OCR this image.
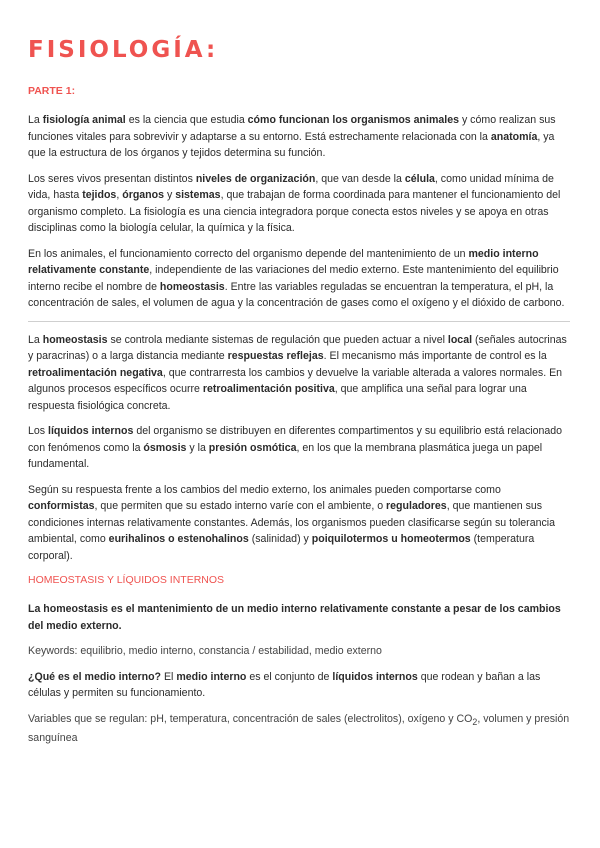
FISIOLOGÍA:
PARTE 1:

La fisiología animal es la ciencia que estudia cómo funcionan los organismos animales y cómo realizan sus funciones vitales para sobrevivir y adaptarse a su entorno. Está estrechamente relacionada con la anatomía, ya que la estructura de los órganos y tejidos determina su función.

Los seres vivos presentan distintos niveles de organización, que van desde la célula, como unidad mínima de vida, hasta tejidos, órganos y sistemas, que trabajan de forma coordinada para mantener el funcionamiento del organismo completo. La fisiología es una ciencia integradora porque conecta estos niveles y se apoya en otras disciplinas como la biología celular, la química y la física.

En los animales, el funcionamiento correcto del organismo depende del mantenimiento de un medio interno relativamente constante, independiente de las variaciones del medio externo. Este mantenimiento del equilibrio interno recibe el nombre de homeostasis. Entre las variables reguladas se encuentran la temperatura, el pH, la concentración de sales, el volumen de agua y la concentración de gases como el oxígeno y el dióxido de carbono.

La homeostasis se controla mediante sistemas de regulación que pueden actuar a nivel local (señales autocrinas y paracrinas) o a larga distancia mediante respuestas reflejas. El mecanismo más importante de control es la retroalimentación negativa, que contrarresta los cambios y devuelve la variable alterada a valores normales. En algunos procesos específicos ocurre retroalimentación positiva, que amplifica una señal para lograr una respuesta fisiológica concreta.

Los líquidos internos del organismo se distribuyen en diferentes compartimentos y su equilibrio está relacionado con fenómenos como la ósmosis y la presión osmótica, en los que la membrana plasmática juega un papel fundamental.

Según su respuesta frente a los cambios del medio externo, los animales pueden comportarse como conformistas, que permiten que su estado interno varíe con el ambiente, o reguladores, que mantienen sus condiciones internas relativamente constantes. Además, los organismos pueden clasificarse según su tolerancia ambiental, como eurihalinos o estenohalinos (salinidad) y poiquilotermos u homeotermos (temperatura corporal).

HOMEOSTASIS Y LÍQUIDOS INTERNOS

La homeostasis es el mantenimiento de un medio interno relativamente constante a pesar de los cambios del medio externo.

Keywords: equilibrio, medio interno, constancia / estabilidad, medio externo

¿Qué es el medio interno? El medio interno es el conjunto de líquidos internos que rodean y bañan a las células y permiten su funcionamiento.

Variables que se regulan: pH, temperatura, concentración de sales (electrolitos), oxígeno y $CO_2$, volumen y presión sanguínea
